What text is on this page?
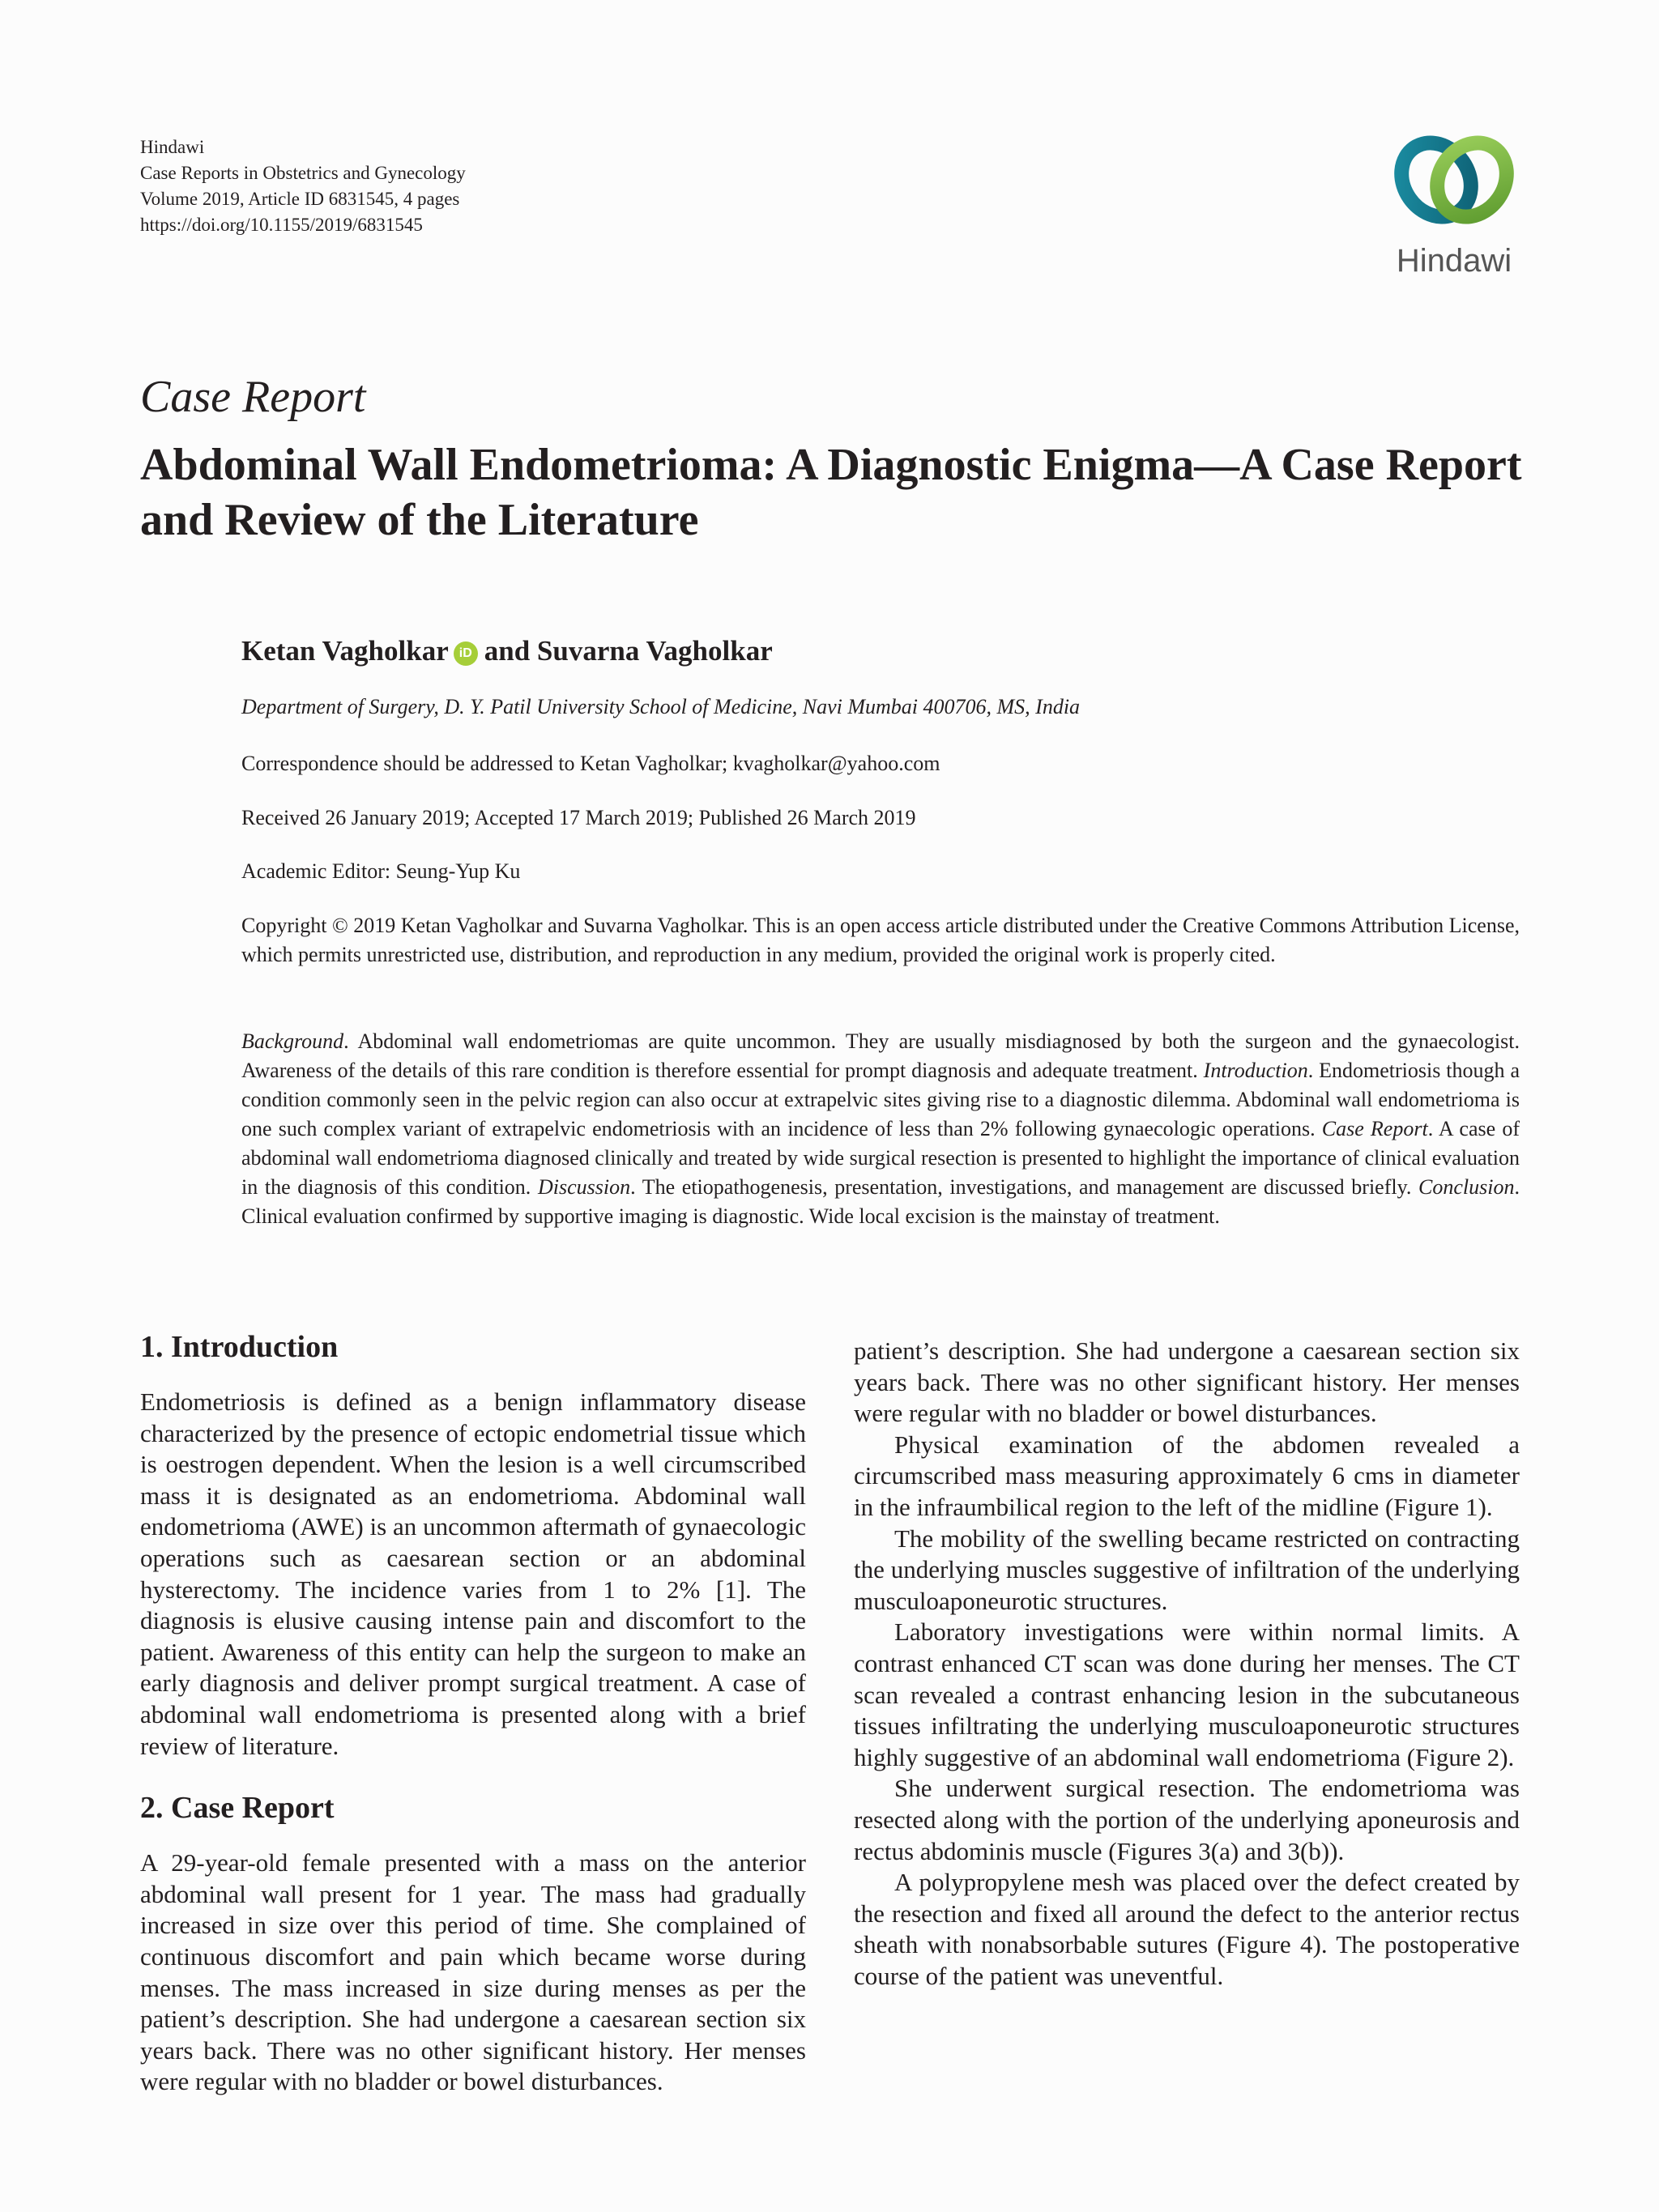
Hindawi
Case Reports in Obstetrics and Gynecology
Volume 2019, Article ID 6831545, 4 pages
https://doi.org/10.1155/2019/6831545
Hindawi
Case Report
Abdominal Wall Endometrioma: A Diagnostic Enigma—A Case Report and Review of the Literature
Ketan Vagholkar iD and Suvarna Vagholkar
Department of Surgery, D. Y. Patil University School of Medicine, Navi Mumbai 400706, MS, India
Correspondence should be addressed to Ketan Vagholkar; kvagholkar@yahoo.com
Received 26 January 2019; Accepted 17 March 2019; Published 26 March 2019
Academic Editor: Seung-Yup Ku
Copyright © 2019 Ketan Vagholkar and Suvarna Vagholkar. This is an open access article distributed under the Creative Commons Attribution License, which permits unrestricted use, distribution, and reproduction in any medium, provided the original work is properly cited.
Background. Abdominal wall endometriomas are quite uncommon. They are usually misdiagnosed by both the surgeon and the gynaecologist. Awareness of the details of this rare condition is therefore essential for prompt diagnosis and adequate treatment. Introduction. Endometriosis though a condition commonly seen in the pelvic region can also occur at extrapelvic sites giving rise to a diagnostic dilemma. Abdominal wall endometrioma is one such complex variant of extrapelvic endometriosis with an incidence of less than 2% following gynaecologic operations. Case Report. A case of abdominal wall endometrioma diagnosed clinically and treated by wide surgical resection is presented to highlight the importance of clinical evaluation in the diagnosis of this condition. Discussion. The etiopathogenesis, presentation, investigations, and management are discussed briefly. Conclusion. Clinical evaluation confirmed by supportive imaging is diagnostic. Wide local excision is the mainstay of treatment.
1. Introduction

Endometriosis is defined as a benign inflammatory disease characterized by the presence of ectopic endometrial tissue which is oestrogen dependent. When the lesion is a well circumscribed mass it is designated as an endometrioma. Abdominal wall endometrioma (AWE) is an uncommon aftermath of gynaecologic operations such as caesarean section or an abdominal hysterectomy. The incidence varies from 1 to 2% [1]. The diagnosis is elusive causing intense pain and discomfort to the patient. Awareness of this entity can help the surgeon to make an early diagnosis and deliver prompt surgical treatment. A case of abdominal wall endometrioma is presented along with a brief review of literature.

2. Case Report

A 29-year-old female presented with a mass on the anterior abdominal wall present for 1 year. The mass had gradually increased in size over this period of time. She complained of continuous discomfort and pain which became worse during menses. The mass increased in size during menses as per the patient’s description. She had undergone a caesarean section six years back. There was no other significant history. Her menses were regular with no bladder or bowel disturbances.

patient’s description. She had undergone a caesarean section six years back. There was no other significant history. Her menses were regular with no bladder or bowel disturbances.

Physical examination of the abdomen revealed a circumscribed mass measuring approximately 6 cms in diameter in the infraumbilical region to the left of the midline (Figure 1).

The mobility of the swelling became restricted on contracting the underlying muscles suggestive of infiltration of the underlying musculoaponeurotic structures.

Laboratory investigations were within normal limits. A contrast enhanced CT scan was done during her menses. The CT scan revealed a contrast enhancing lesion in the subcutaneous tissues infiltrating the underlying musculoaponeurotic structures highly suggestive of an abdominal wall endometrioma (Figure 2).

She underwent surgical resection. The endometrioma was resected along with the portion of the underlying aponeurosis and rectus abdominis muscle (Figures 3(a) and 3(b)).

A polypropylene mesh was placed over the defect created by the resection and fixed all around the defect to the anterior rectus sheath with nonabsorbable sutures (Figure 4). The postoperative course of the patient was uneventful.
